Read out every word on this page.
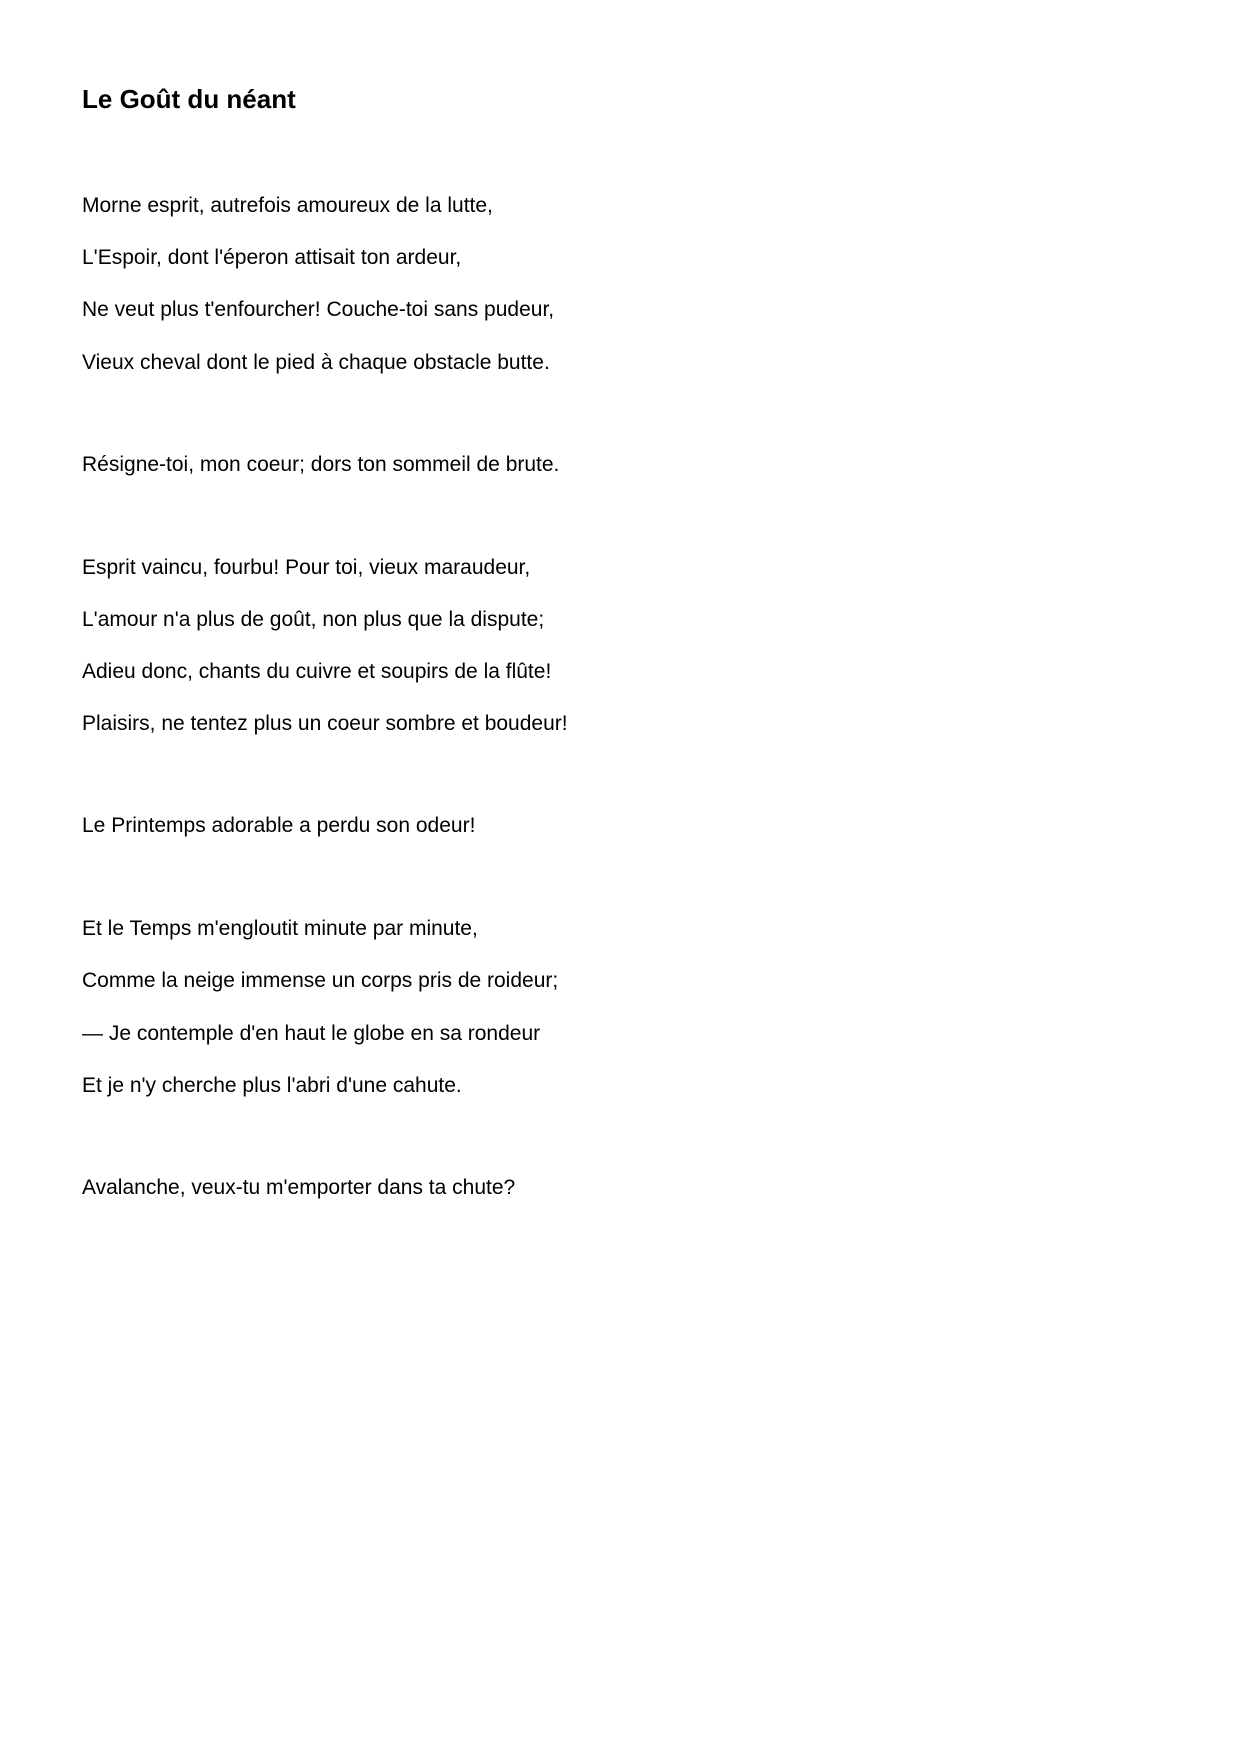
Le Goût du néant

Morne esprit, autrefois amoureux de la lutte,

L'Espoir, dont l'éperon attisait ton ardeur,

Ne veut plus t'enfourcher! Couche-toi sans pudeur,

Vieux cheval dont le pied à chaque obstacle butte.

Résigne-toi, mon coeur; dors ton sommeil de brute.

Esprit vaincu, fourbu! Pour toi, vieux maraudeur,

L'amour n'a plus de goût, non plus que la dispute;

Adieu donc, chants du cuivre et soupirs de la flûte!

Plaisirs, ne tentez plus un coeur sombre et boudeur!

Le Printemps adorable a perdu son odeur!

Et le Temps m'engloutit minute par minute,

Comme la neige immense un corps pris de roideur;

— Je contemple d'en haut le globe en sa rondeur

Et je n'y cherche plus l'abri d'une cahute.

Avalanche, veux-tu m'emporter dans ta chute?
